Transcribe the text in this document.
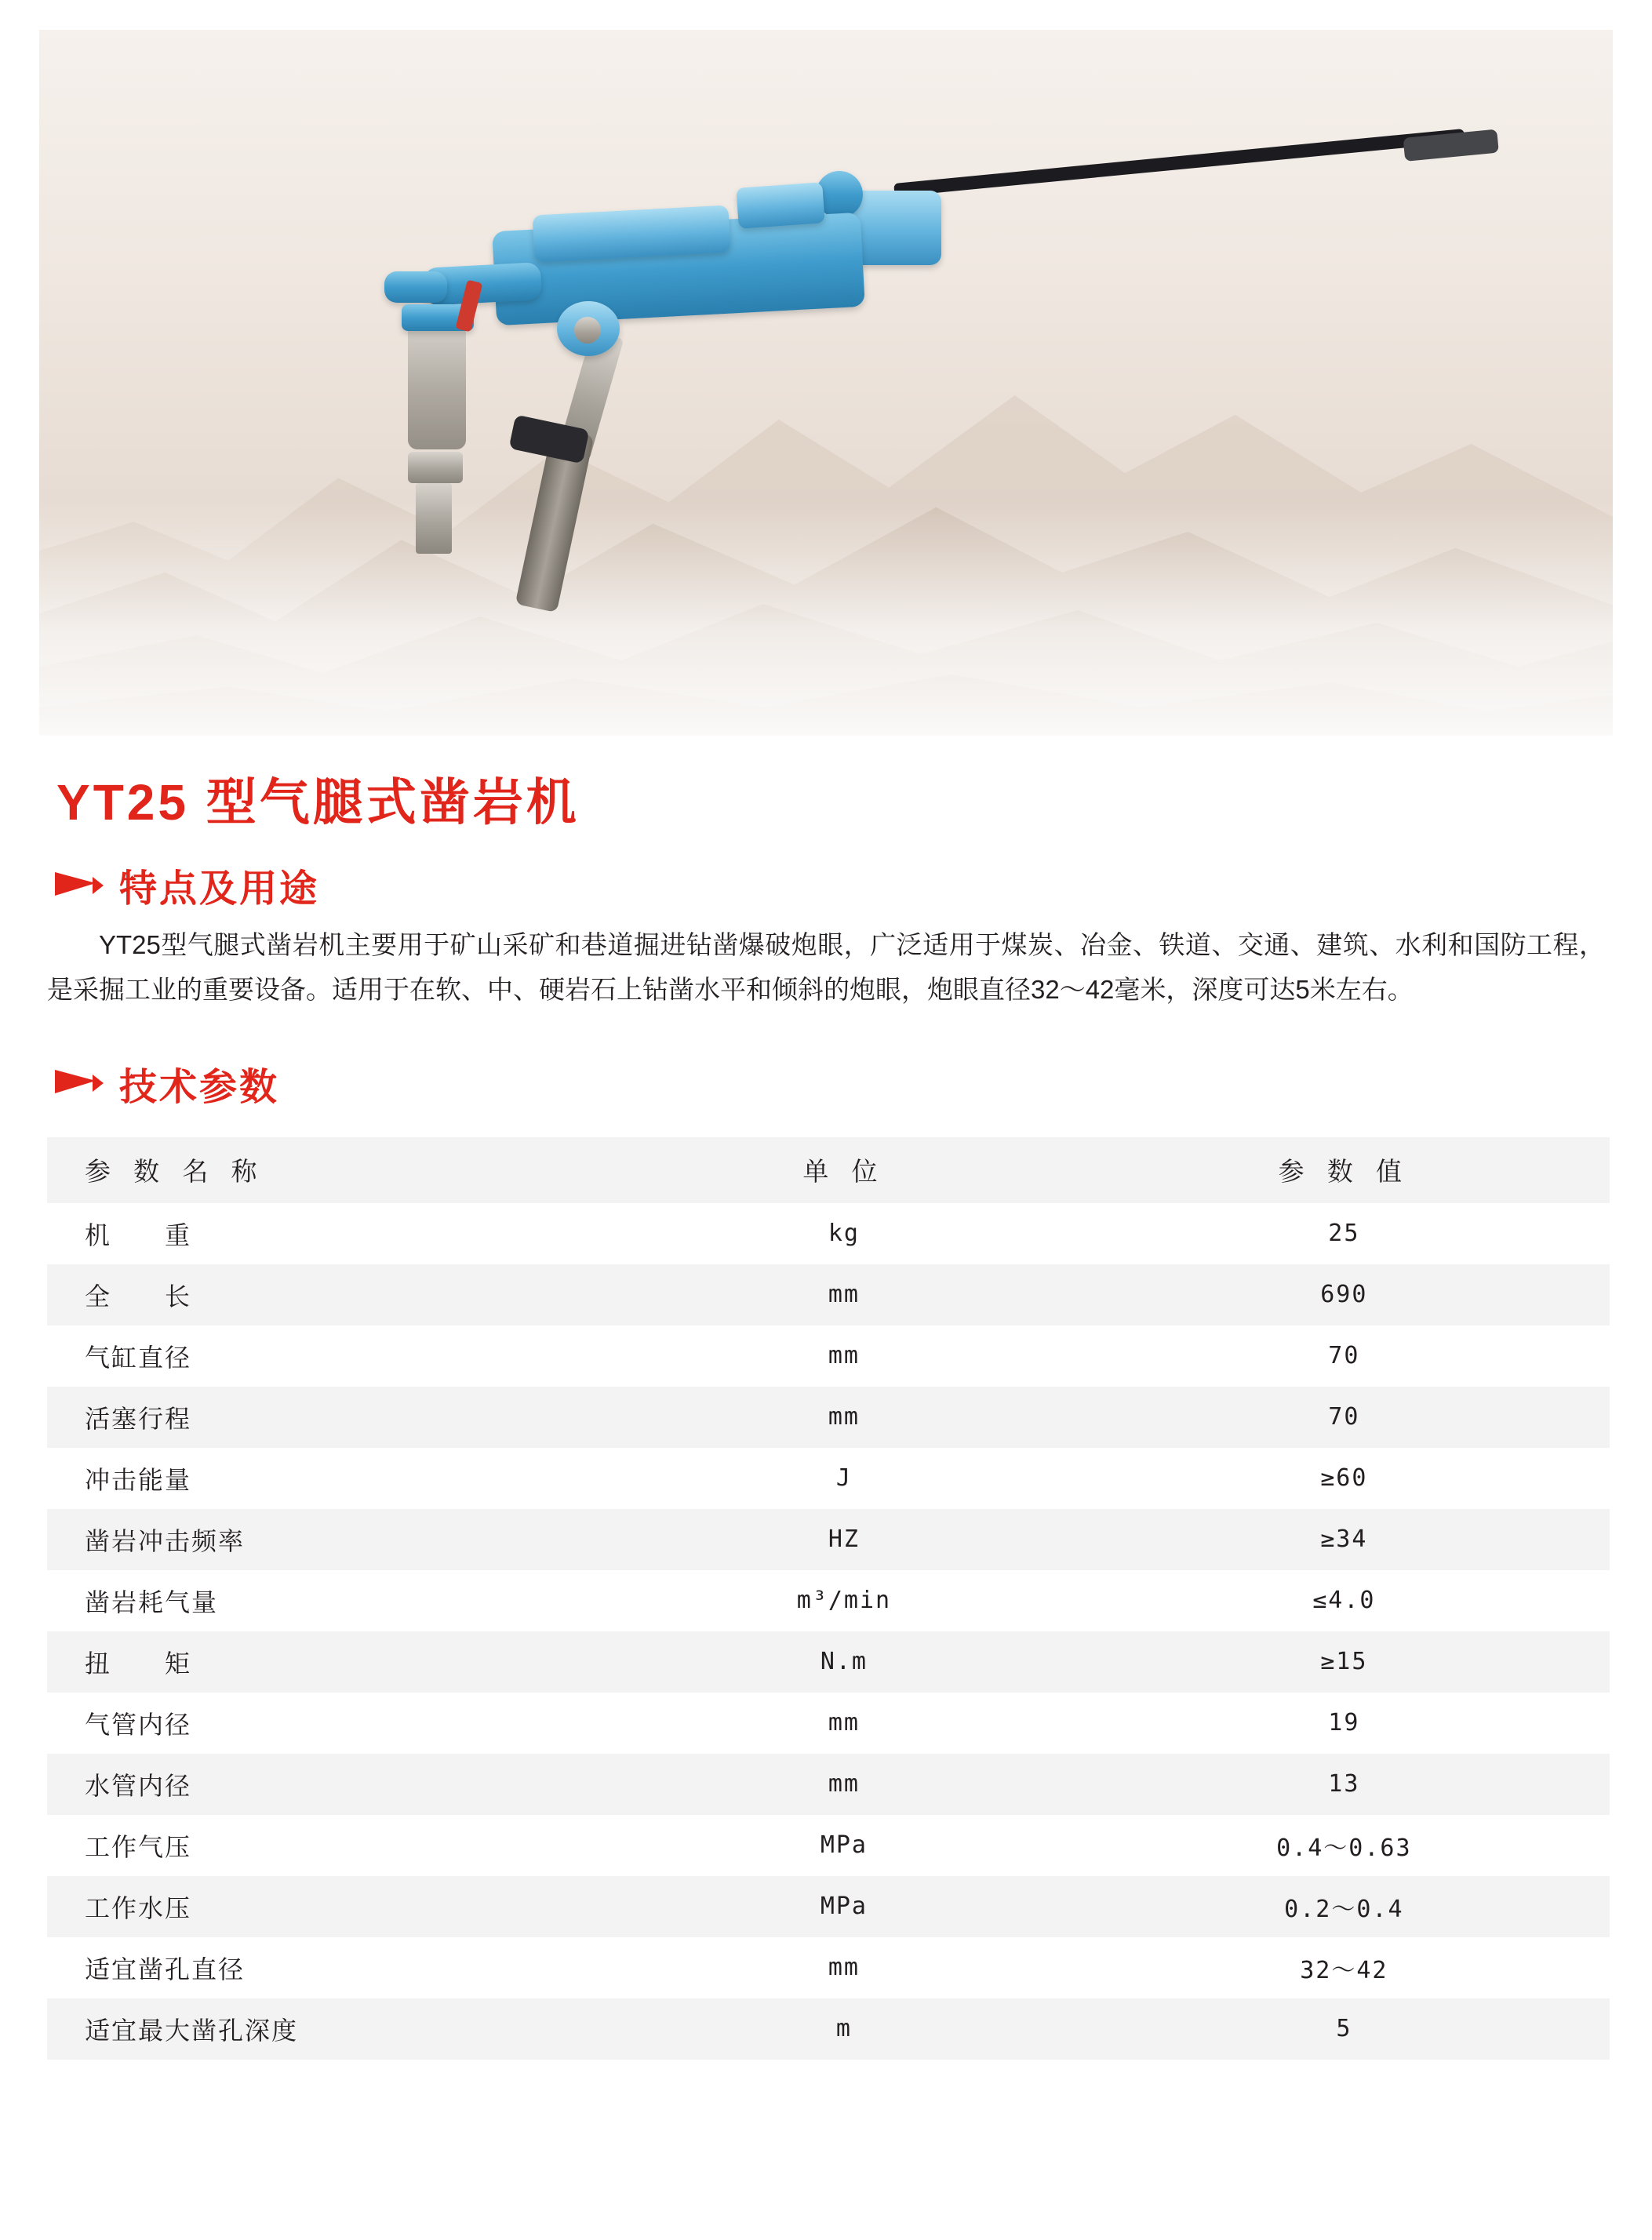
YT25 型气腿式凿岩机
特点及用途

YT25型气腿式凿岩机主要用于矿山采矿和巷道掘进钻凿爆破炮眼，广泛适用于煤炭、冶金、铁道、交通、建筑、水利和国防工程，是采掘工业的重要设备。适用于在软、中、硬岩石上钻凿水平和倾斜的炮眼，炮眼直径32～42毫米，深度可达5米左右。

技术参数
参 数 名 称	单 位	参 数 值
机　　重	kg	25
全　　长	mm	690
气缸直径	mm	70
活塞行程	mm	70
冲击能量	J	≥60
凿岩冲击频率	HZ	≥34
凿岩耗气量	m³/min	≤4.0
扭　　矩	N.m	≥15
气管内径	mm	19
水管内径	mm	13
工作气压	MPa	0.4～0.63
工作水压	MPa	0.2～0.4
适宜凿孔直径	mm	32～42
适宜最大凿孔深度	m	5
